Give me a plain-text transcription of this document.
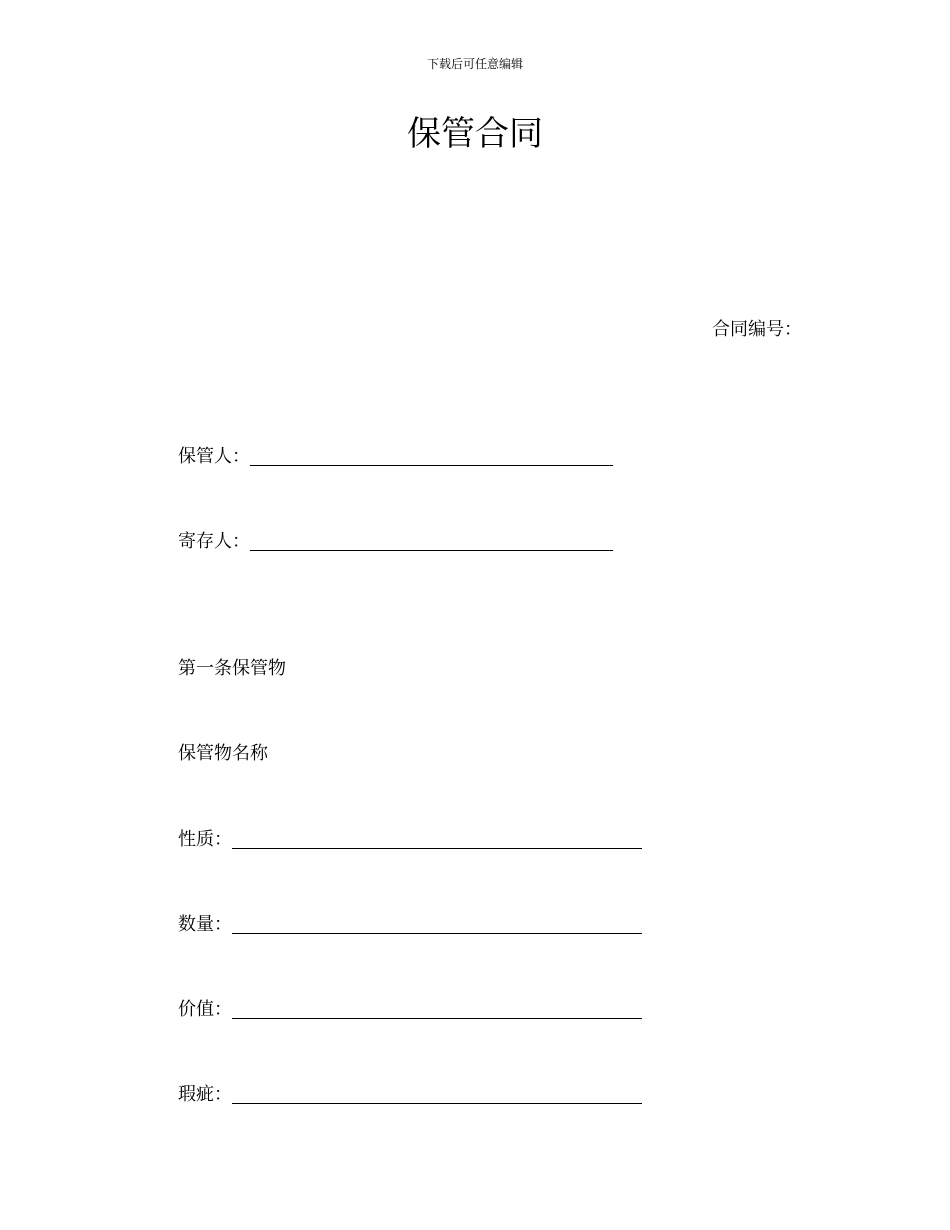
下载后可任意编辑
保管合同
合同编号：
保管人：
寄存人：
第一条保管物
保管物名称
性质：
数量：
价值：
瑕疵：
